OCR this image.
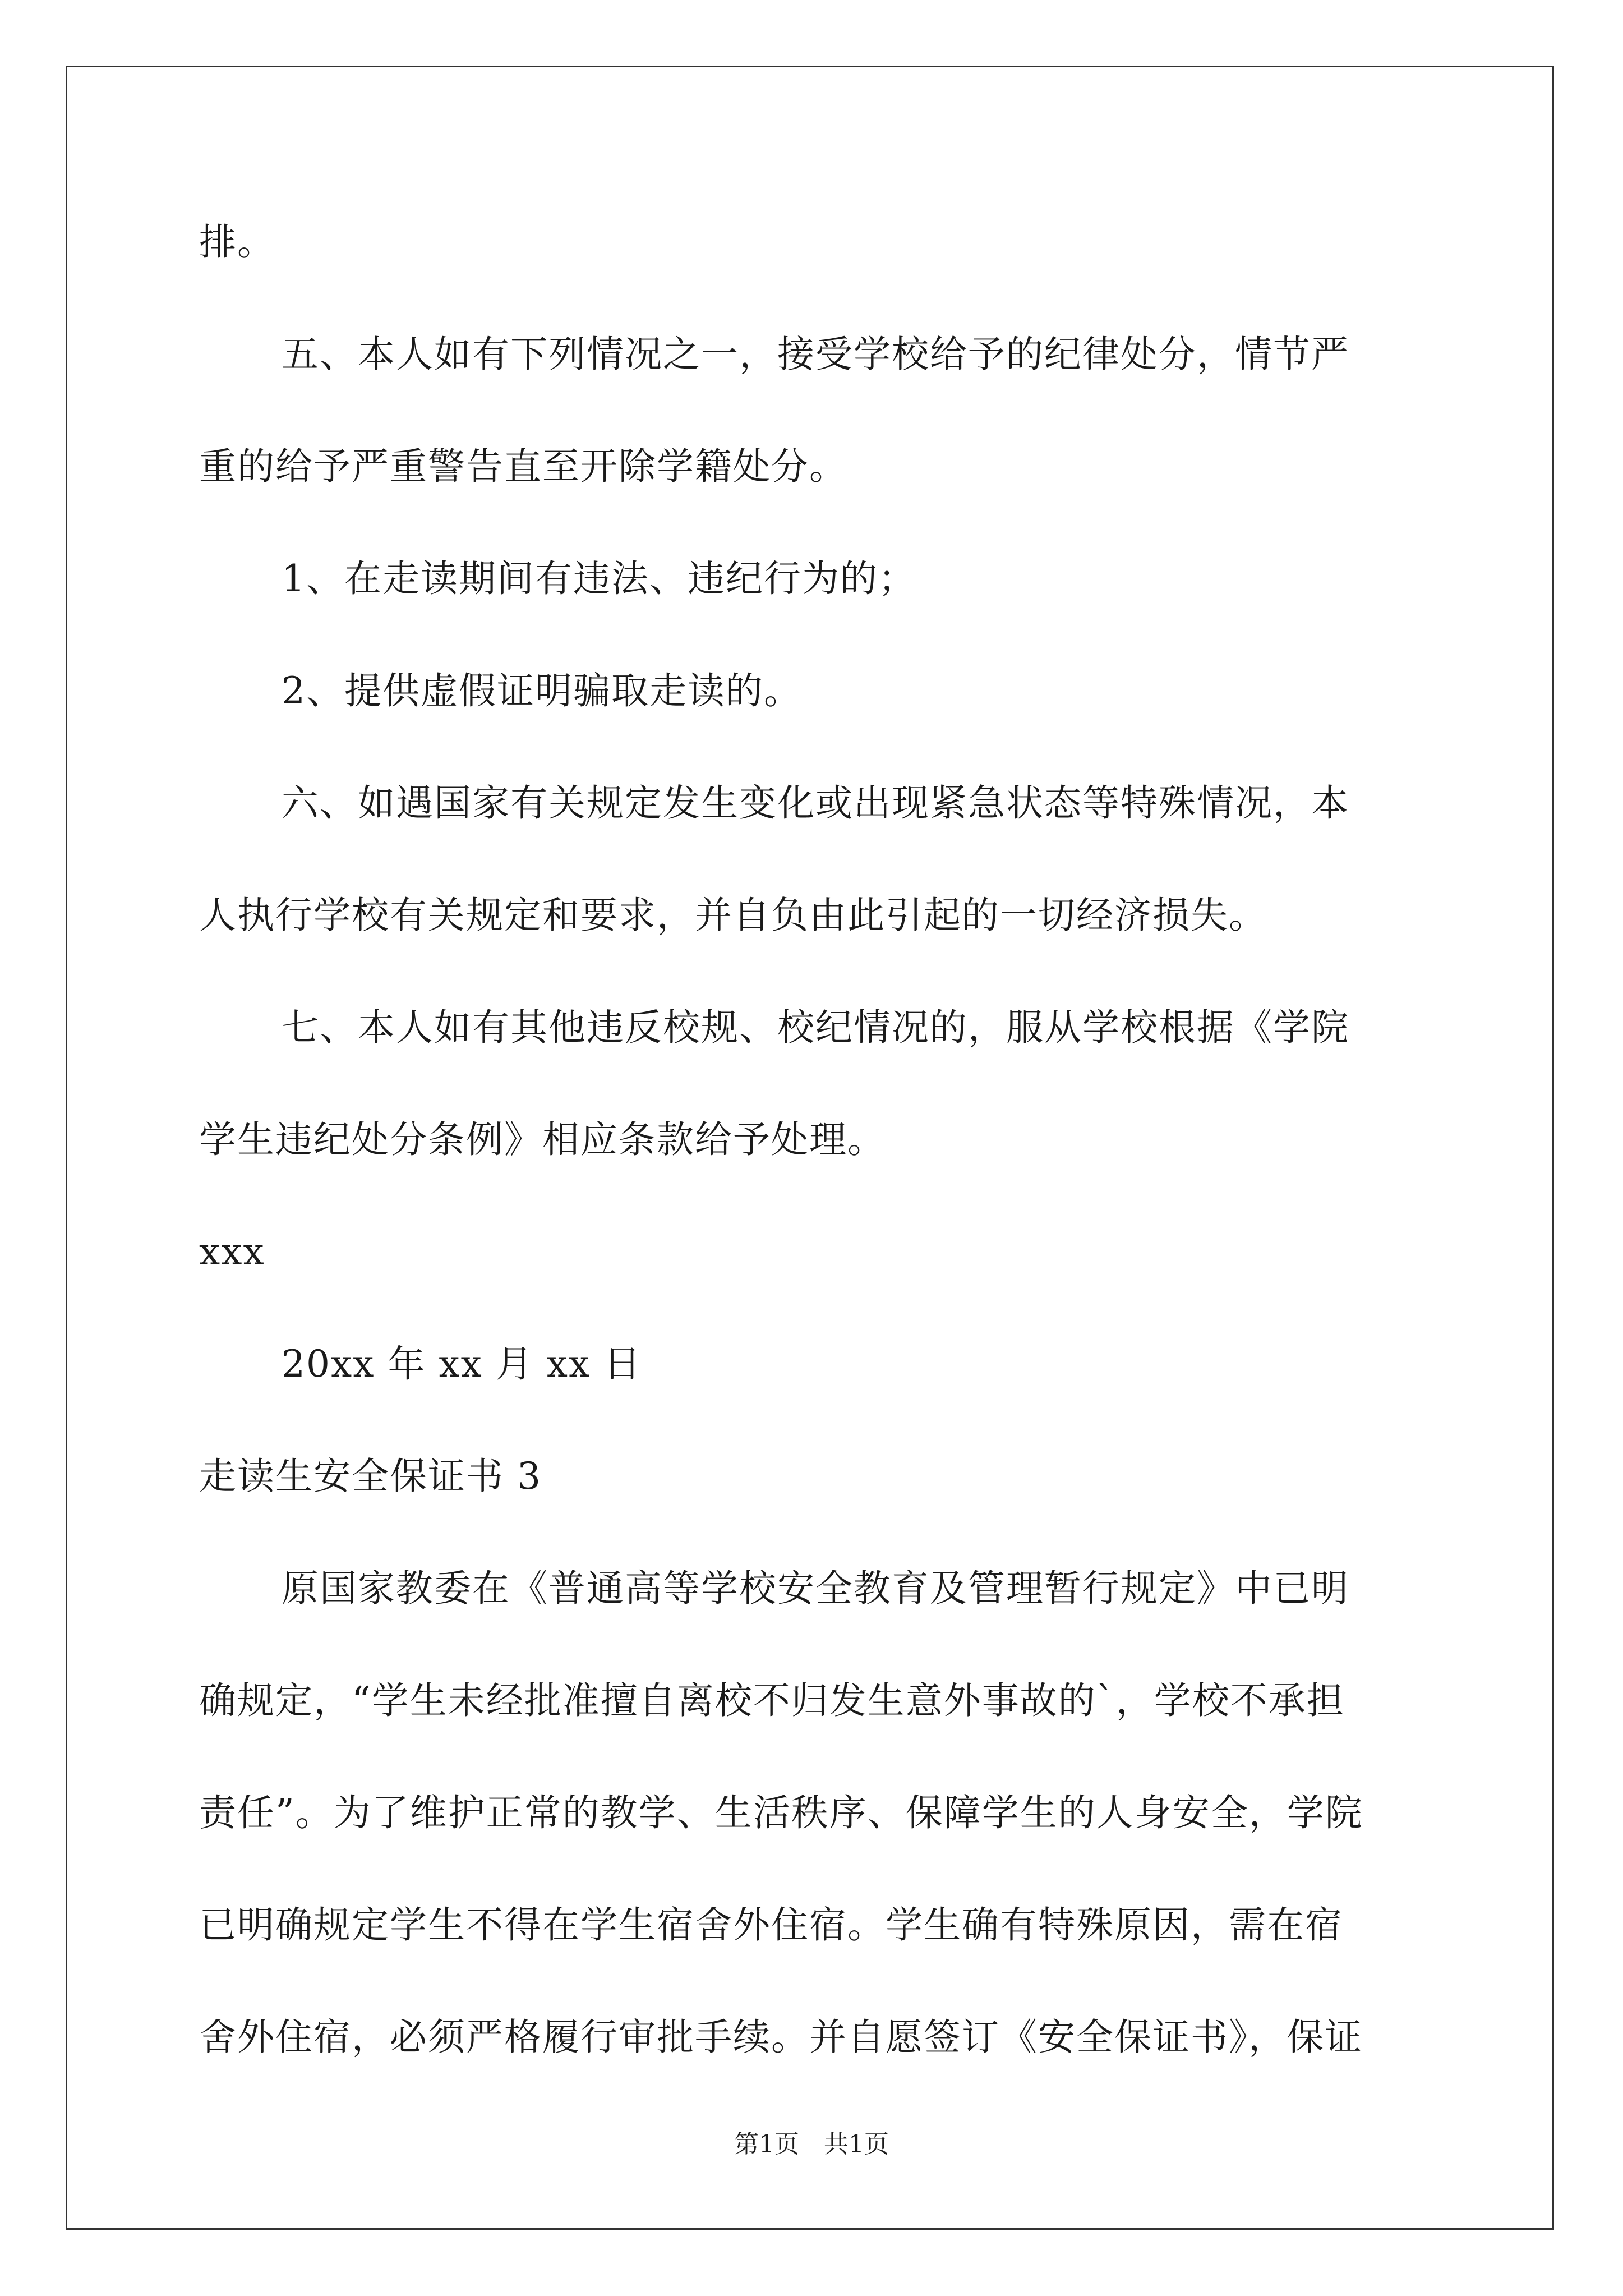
排。
五、本人如有下列情况之一，接受学校给予的纪律处分，情节严
重的给予严重警告直至开除学籍处分。
1、在走读期间有违法、违纪行为的；
2、提供虚假证明骗取走读的。
六、如遇国家有关规定发生变化或出现紧急状态等特殊情况，本
人执行学校有关规定和要求，并自负由此引起的一切经济损失。
七、本人如有其他违反校规、校纪情况的，服从学校根据《学院
学生违纪处分条例》相应条款给予处理。
xxx
20xx 年 xx 月 xx 日
走读生安全保证书 3
原国家教委在《普通高等学校安全教育及管理暂行规定》中已明
确规定，“学生未经批准擅自离校不归发生意外事故的`，学校不承担
责任”。为了维护正常的教学、生活秩序、保障学生的人身安全，学院
已明确规定学生不得在学生宿舍外住宿。学生确有特殊原因，需在宿
舍外住宿，必须严格履行审批手续。并自愿签订《安全保证书》，保证
第1页 共1页
